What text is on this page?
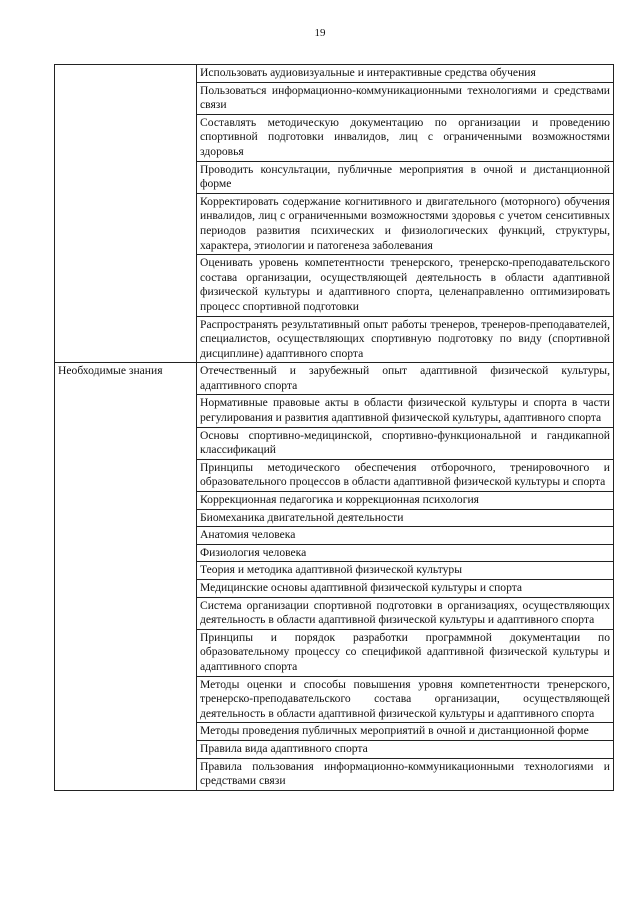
19
	Использовать аудиовизуальные и интерактивные средства обучения
	Пользоваться информационно-коммуникационными технологиями и средствами связи
	Составлять методическую документацию по организации и проведению спортивной подготовки инвалидов, лиц с ограниченными возможностями здоровья
	Проводить консультации, публичные мероприятия в очной и дистанционной форме
	Корректировать содержание когнитивного и двигательного (моторного) обучения инвалидов, лиц с ограниченными возможностями здоровья с учетом сенситивных периодов развития психических и физиологических функций, структуры, характера, этиологии и патогенеза заболевания
	Оценивать уровень компетентности тренерского, тренерско-преподавательского состава организации, осуществляющей деятельность в области адаптивной физической культуры и адаптивного спорта, целенаправленно оптимизировать процесс спортивной подготовки
	Распространять результативный опыт работы тренеров, тренеров-преподавателей, специалистов, осуществляющих спортивную подготовку по виду (спортивной дисциплине) адаптивного спорта
Необходимые знания	Отечественный и зарубежный опыт адаптивной физической культуры, адаптивного спорта
	Нормативные правовые акты в области физической культуры и спорта в части регулирования и развития адаптивной физической культуры, адаптивного спорта
	Основы спортивно-медицинской, спортивно-функциональной и гандикапной классификаций
	Принципы методического обеспечения отборочного, тренировочного и образовательного процессов в области адаптивной физической культуры и спорта
	Коррекционная педагогика и коррекционная психология
	Биомеханика двигательной деятельности
	Анатомия человека
	Физиология человека
	Теория и методика адаптивной физической культуры
	Медицинские основы адаптивной физической культуры и спорта
	Система организации спортивной подготовки в организациях, осуществляющих деятельность в области адаптивной физической культуры и адаптивного спорта
	Принципы и порядок разработки программной документации по образовательному процессу со спецификой адаптивной физической культуры и адаптивного спорта
	Методы оценки и способы повышения уровня компетентности тренерского, тренерско-преподавательского состава организации, осуществляющей деятельность в области адаптивной физической культуры и адаптивного спорта
	Методы проведения публичных мероприятий в очной и дистанционной форме
	Правила вида адаптивного спорта
	Правила пользования информационно-коммуникационными технологиями и средствами связи
